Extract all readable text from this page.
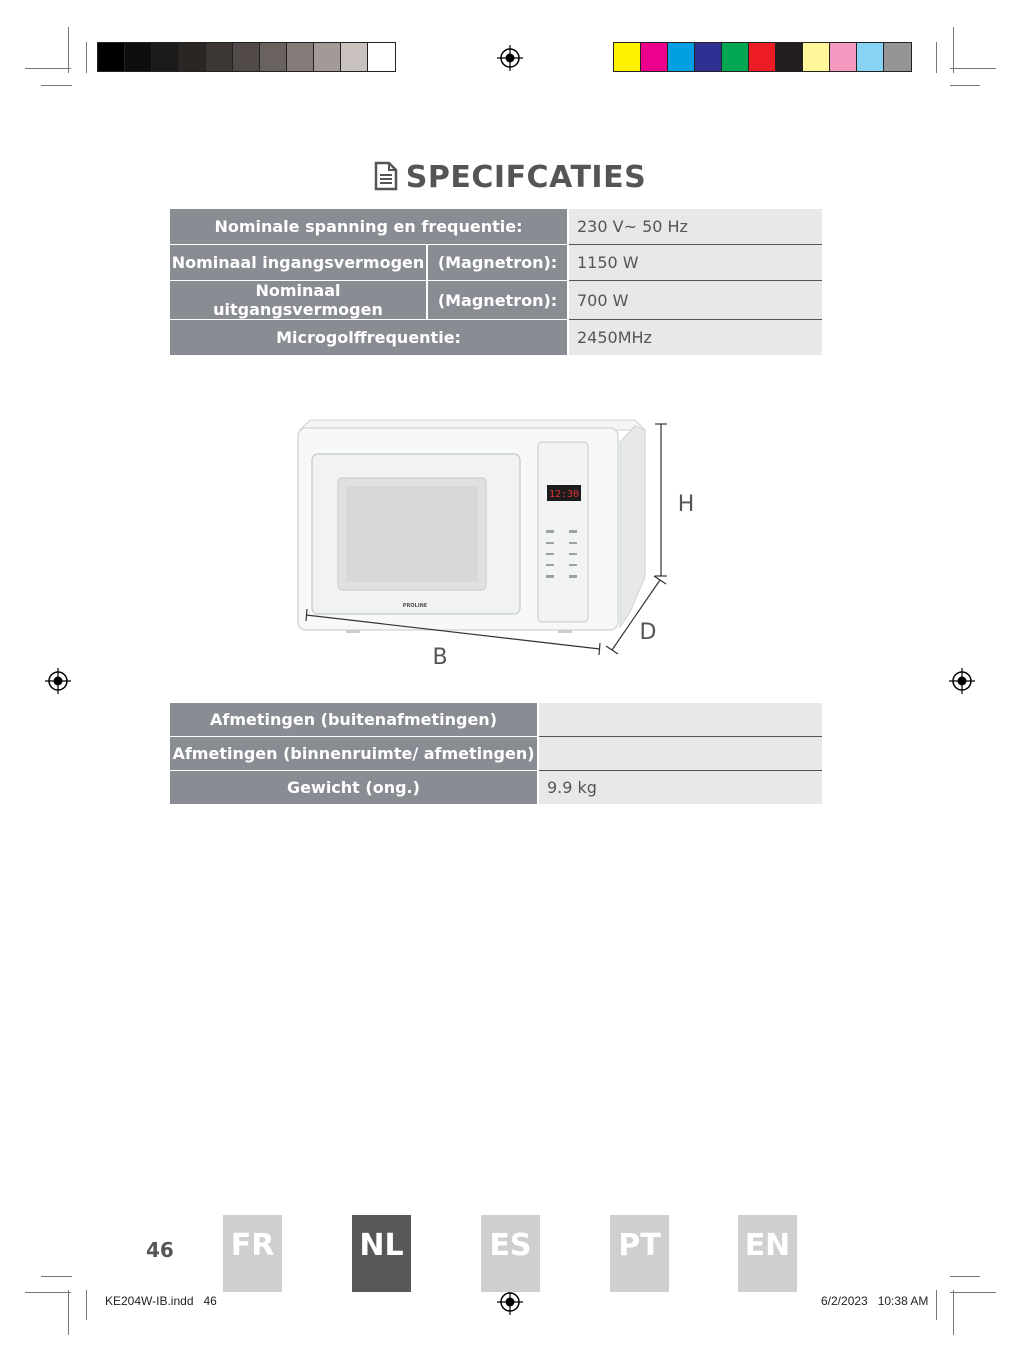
SPECIFCATIES
Nominale spanning en frequentie:		230 V~ 50 Hz
Nominaal ingangsvermogen	(Magnetron):	1150 W
Nominaal uitgangsvermogen	(Magnetron):	700 W
Microgolffrequentie:		2450MHz
12:30
PROLINE
H
D
B
Afmetingen (buitenafmetingen)	
Afmetingen (binnenruimte/ afmetingen)	
Gewicht (ong.)	9.9 kg
46 FR	NL	ES	PT	EN
KE204W-IB.indd   46	6/2/2023   10:38 AM
